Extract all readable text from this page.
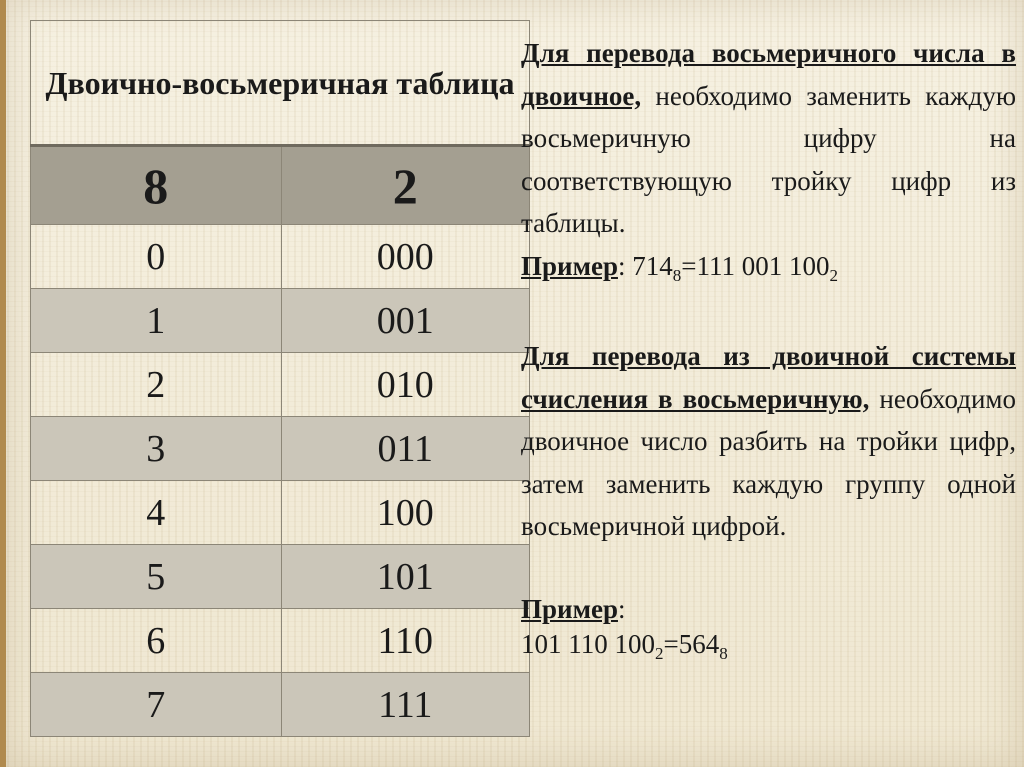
Двоично-восьмеричная таблица	
8	2
0	000
1	001
2	010
3	011
4	100
5	101
6	110
7	111

Для перевода восьмеричного числа в двоичное, необходимо заменить каждую восьмеричную цифру на соответствующую тройку цифр из таблицы.

Пример: $714_8=111$ 001 $100_2$

Для перевода из двоичной системы счисления в восьмеричную, необходимо двоичное число разбить на тройки цифр, затем заменить каждую группу одной восьмеричной цифрой.

Пример:

101 110 $100_2=564_8$
